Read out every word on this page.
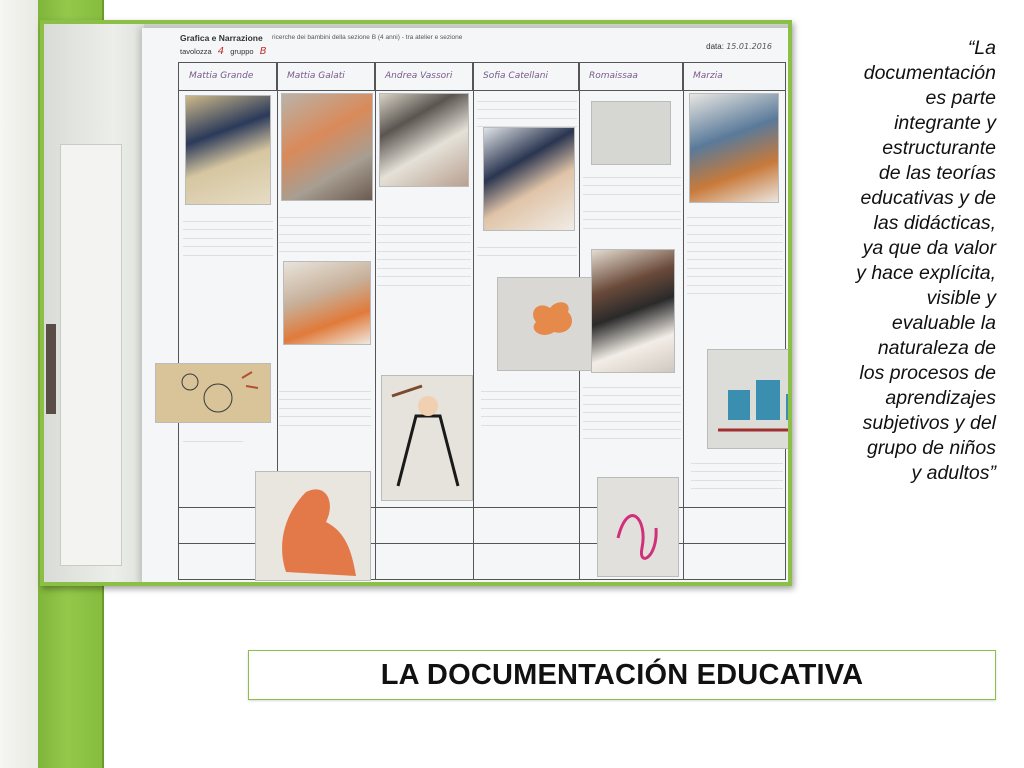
Grafica e Narrazione ricerche dei bambini della sezione B (4 anni) - tra atelier e sezione
tavolozza 4 gruppo B	data: 15.01.2016
Mattia Grande	Mattia Galati	Andrea Vassori	Sofia Catellani	Romaissaa	Marzia
“La
documentación
es parte
integrante y
estructurante
de las teorías
educativas y de
las didácticas,
ya que da valor
y hace explícita,
visible y
evaluable la
naturaleza de
los procesos de
aprendizajes
subjetivos y del
grupo de niños
y adultos”
LA DOCUMENTACIÓN EDUCATIVA
